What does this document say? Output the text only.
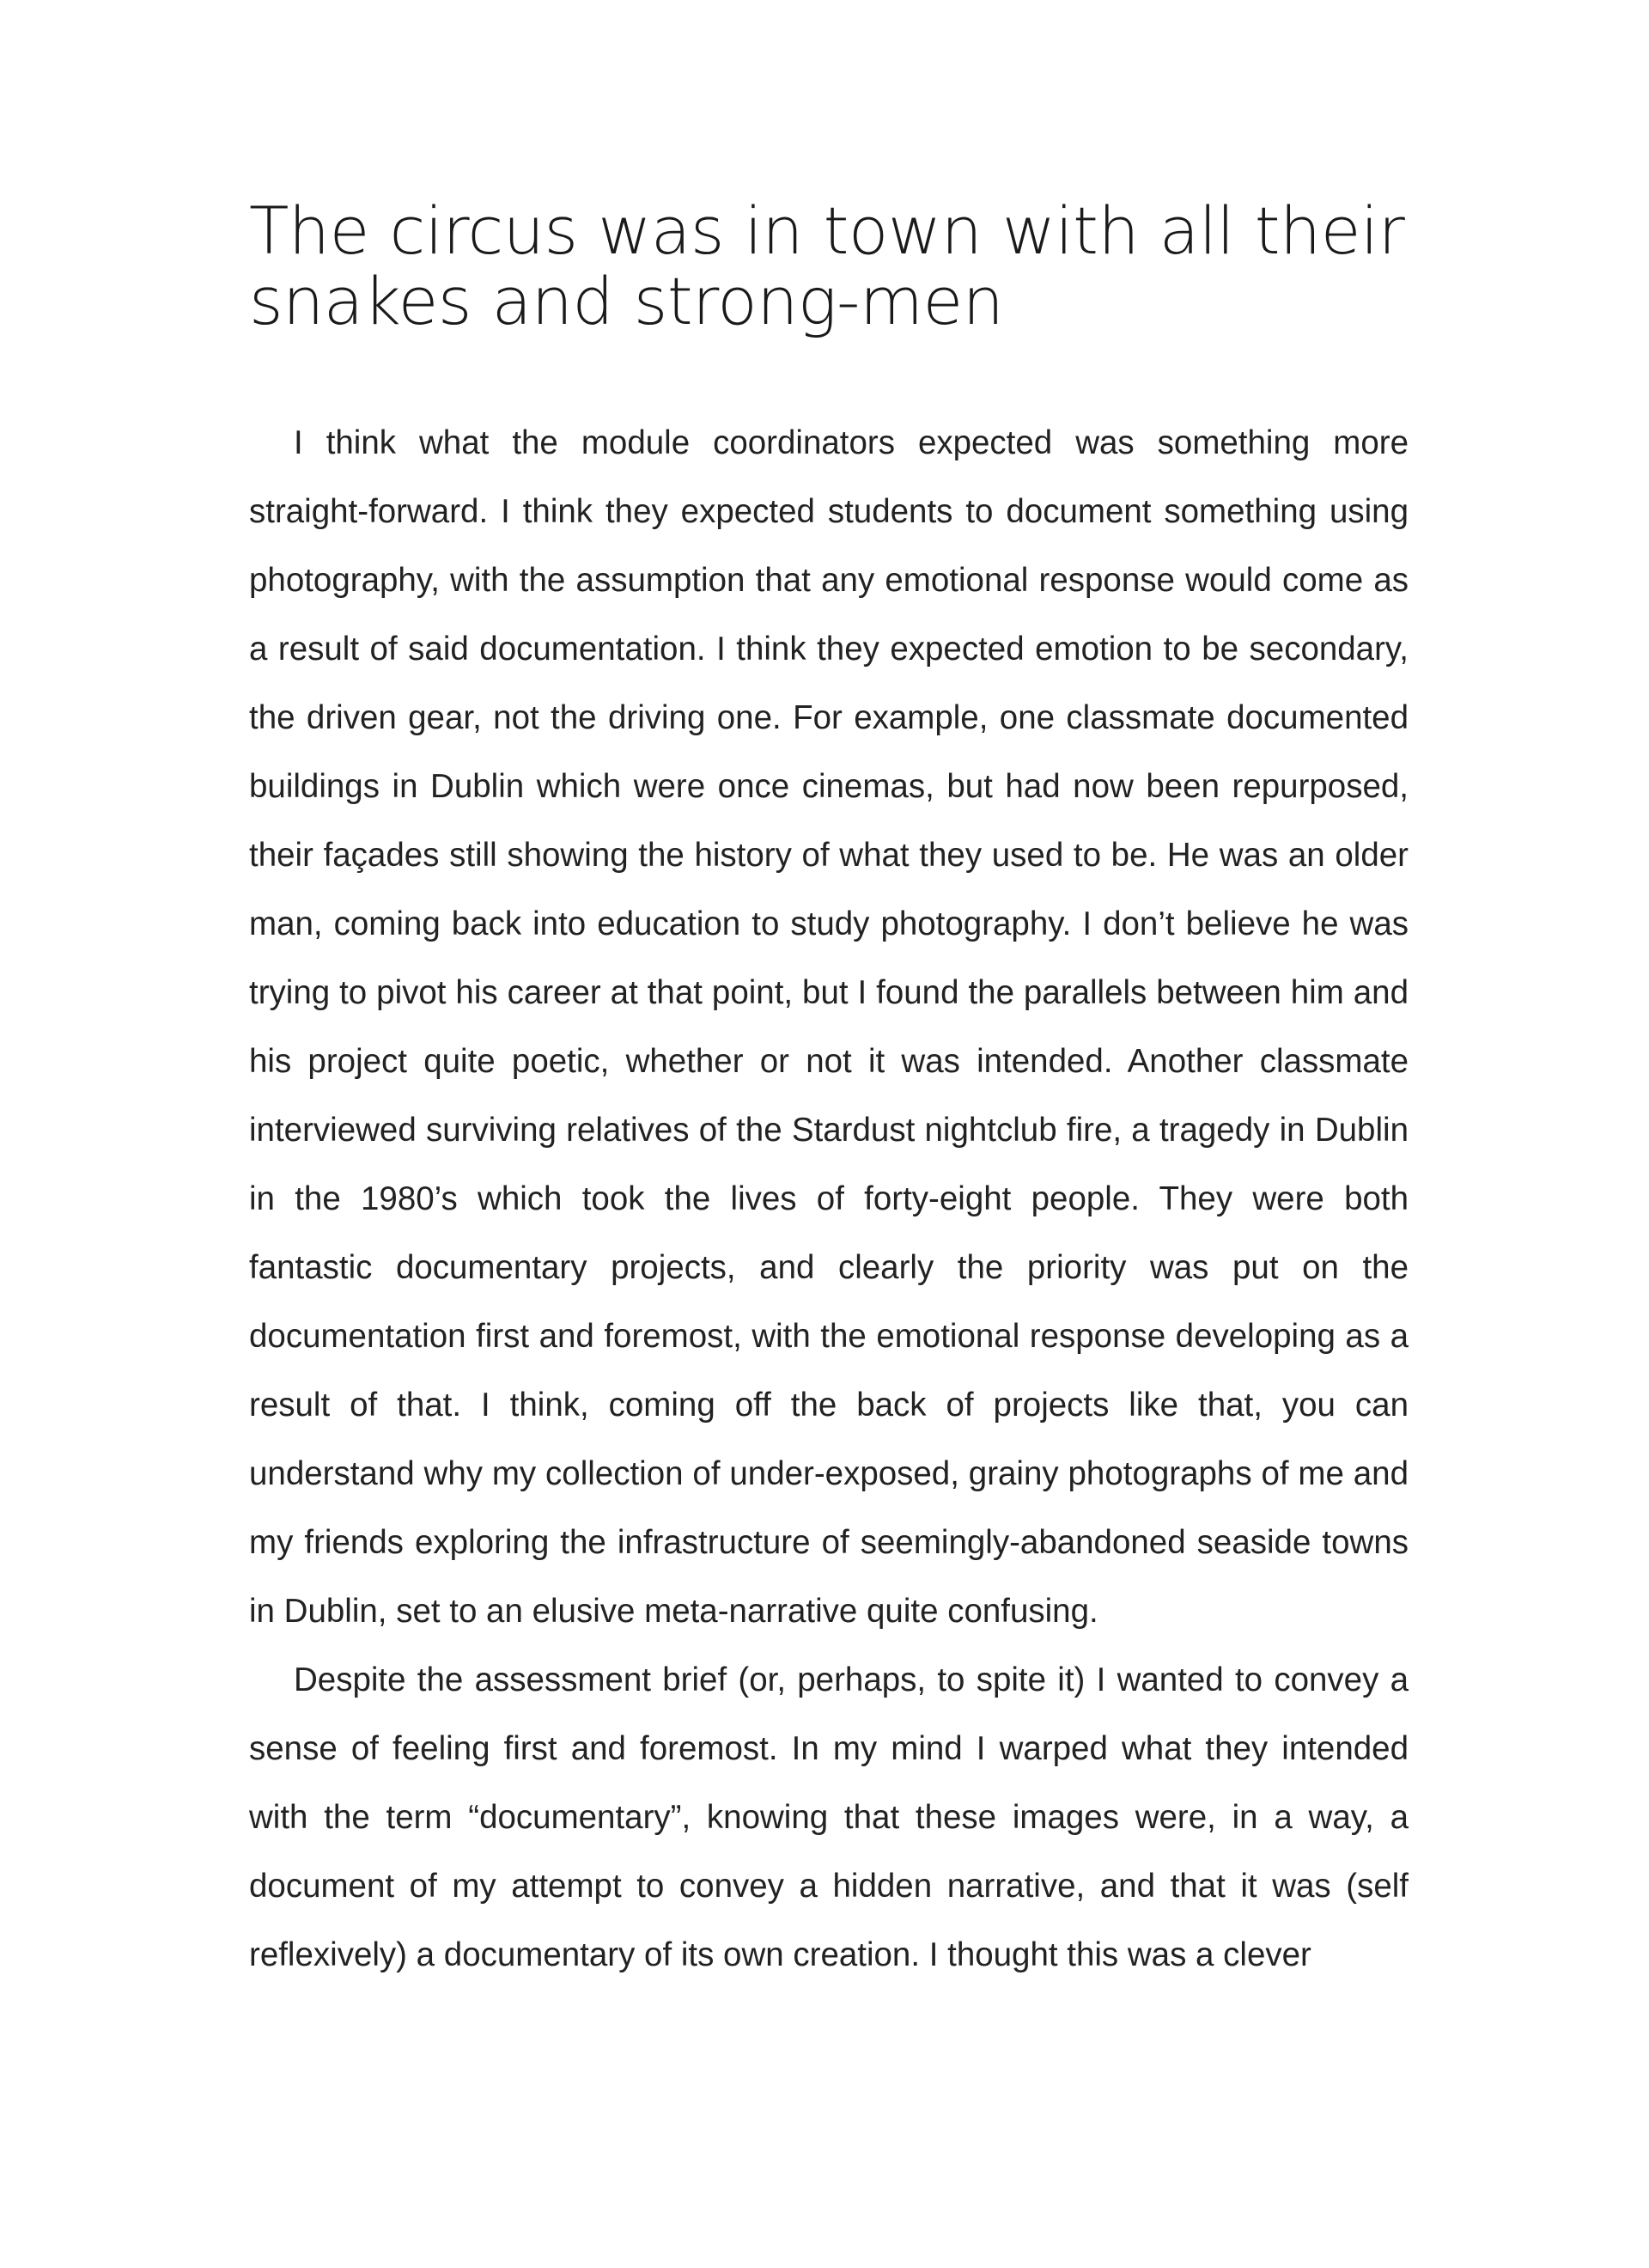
The circus was in town with all their snakes and strong-men

I think what the module coordinators expected was something more straight-forward. I think they expected students to document something using photography, with the assumption that any emotional response would come as a result of said documentation. I think they expected emotion to be secondary, the driven gear, not the driving one. For example, one classmate documented buildings in Dublin which were once cinemas, but had now been repurposed, their façades still showing the history of what they used to be. He was an older man, coming back into education to study photography. I don’t believe he was trying to pivot his career at that point, but I found the parallels between him and his project quite poetic, whether or not it was intended. Another classmate interviewed surviving relatives of the Stardust nightclub fire, a tragedy in Dublin in the 1980’s which took the lives of forty-eight people. They were both fantastic documentary projects, and clearly the priority was put on the documentation first and foremost, with the emotional response developing as a result of that. I think, coming off the back of projects like that, you can understand why my collection of under-exposed, grainy photographs of me and my friends exploring the infrastructure of seemingly-abandoned seaside towns in Dublin, set to an elusive meta-narrative quite confusing.

Despite the assessment brief (or, perhaps, to spite it) I wanted to convey a sense of feeling first and foremost. In my mind I warped what they intended with the term “documentary”, knowing that these images were, in a way, a document of my attempt to convey a hidden narrative, and that it was (self reflexively) a documentary of its own creation. I thought this was a clever
